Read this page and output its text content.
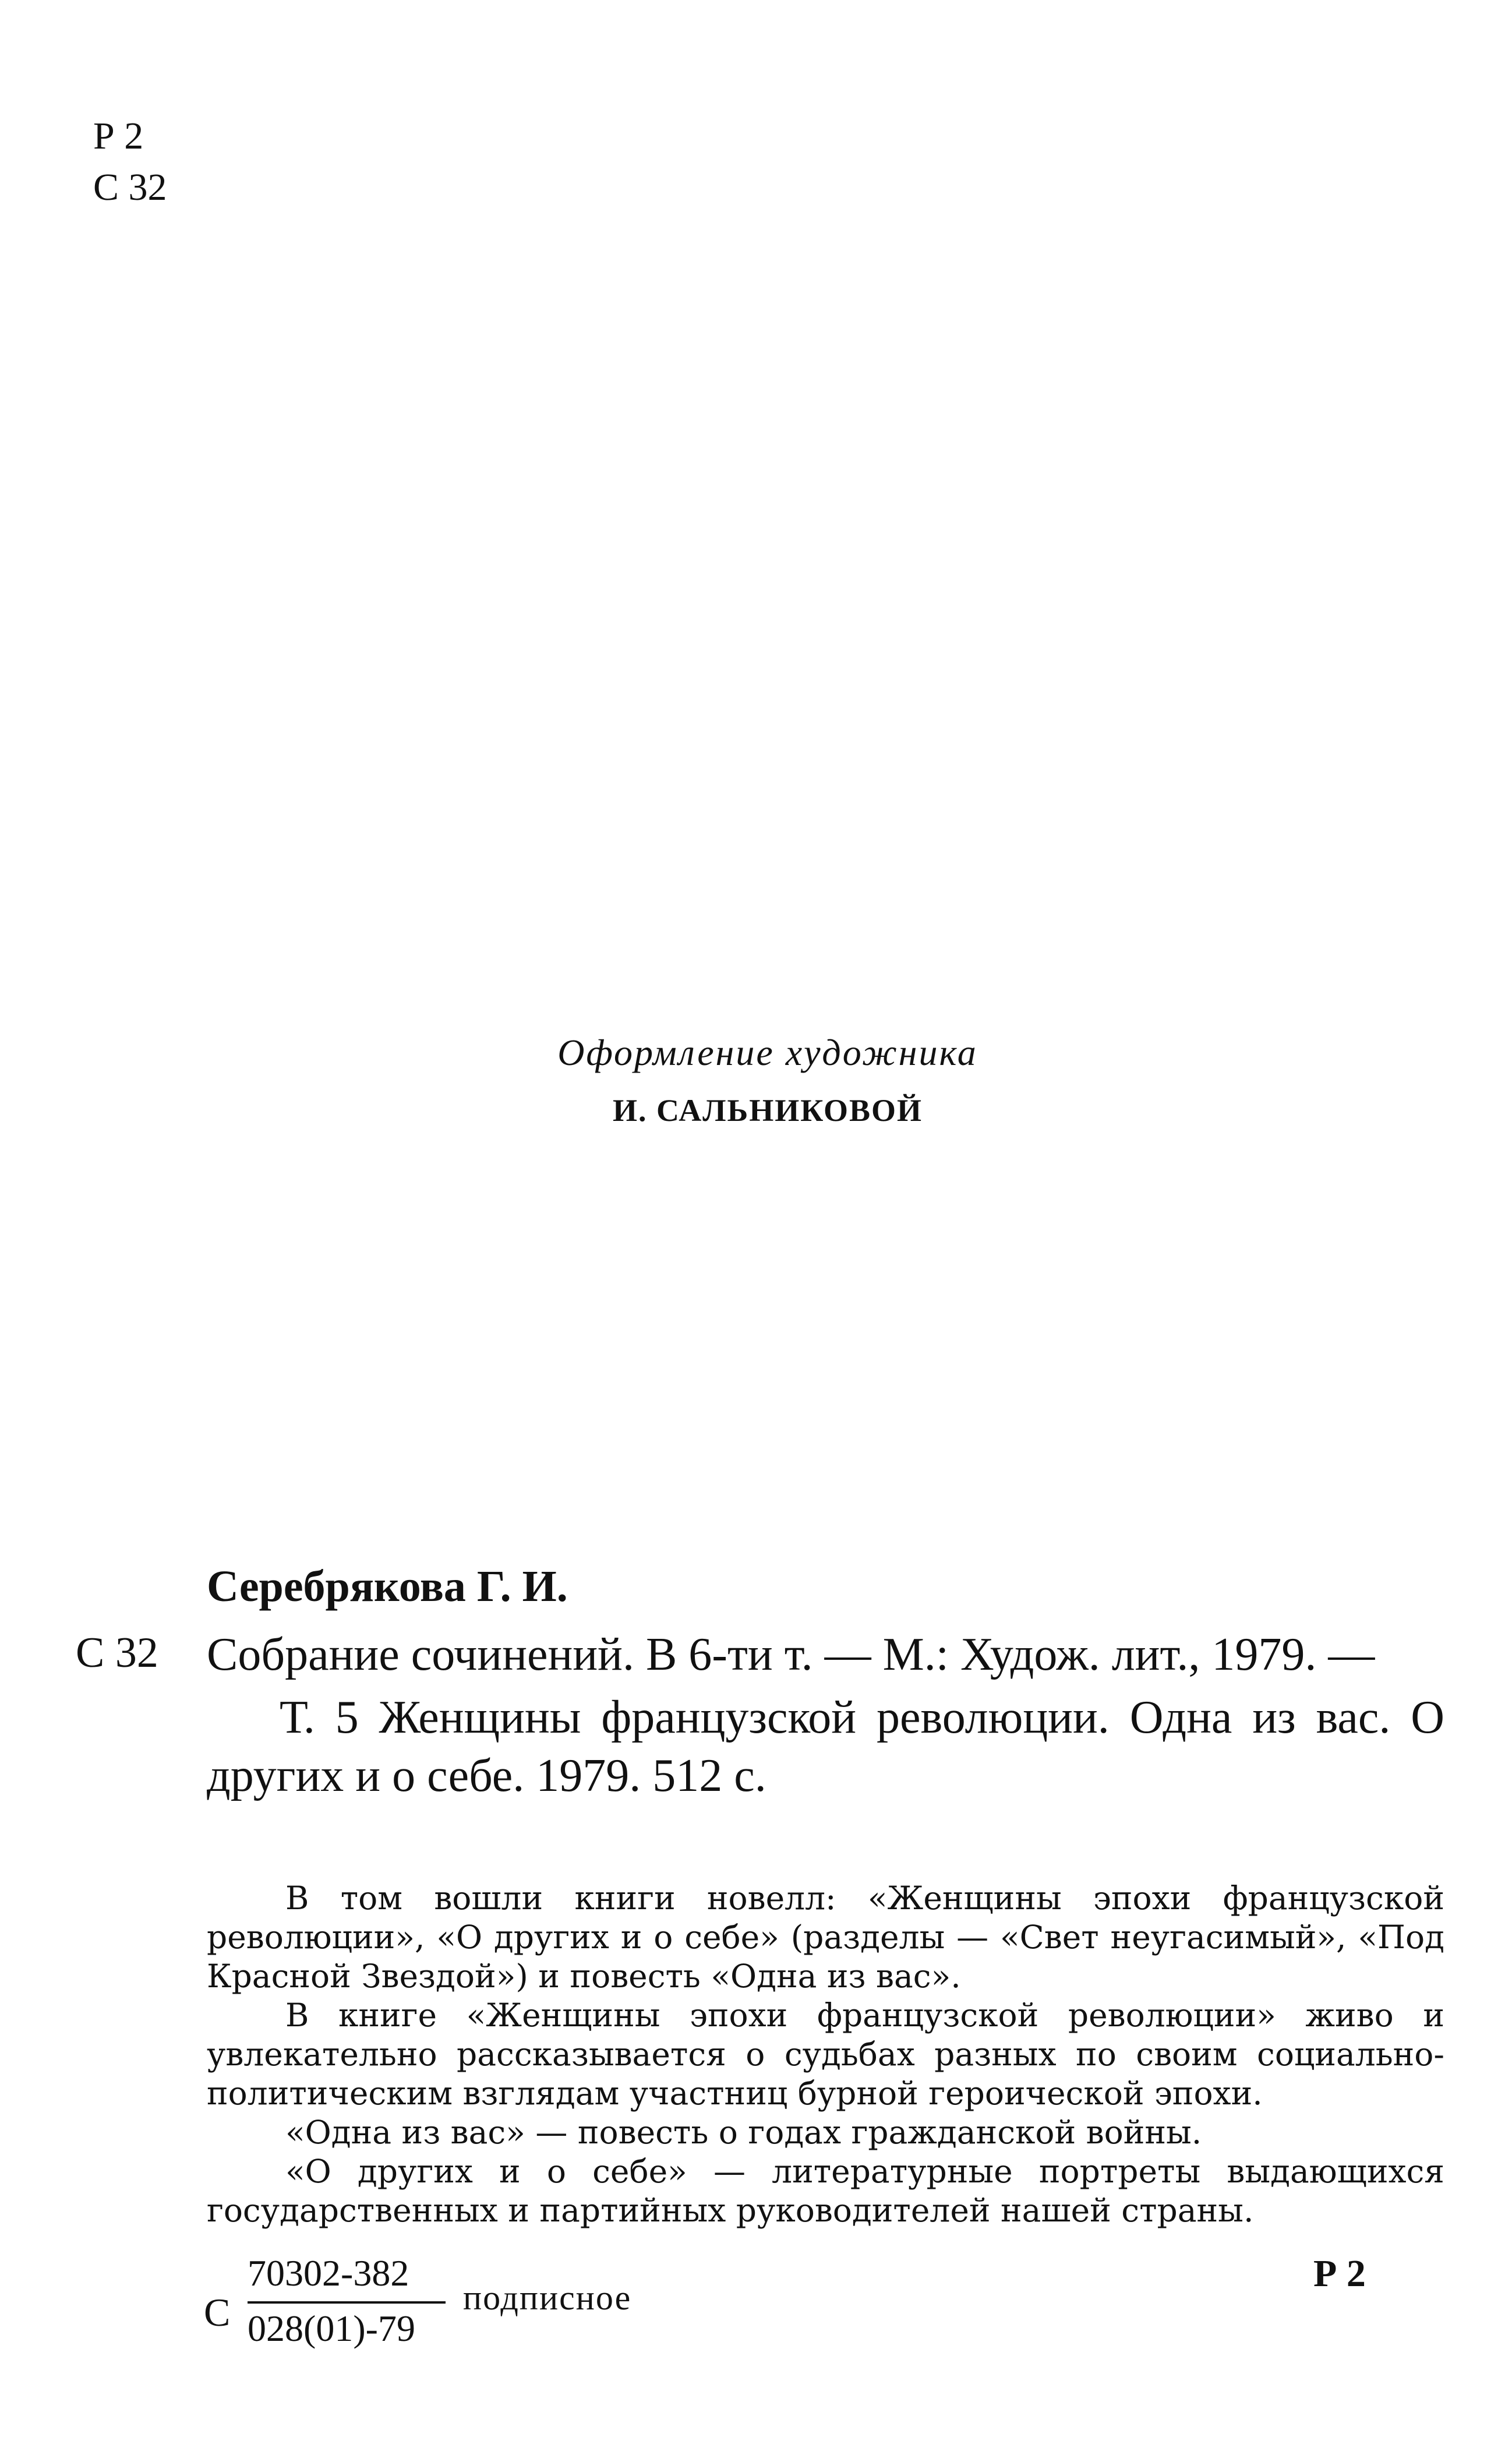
Р 2
С 32
Оформление художника
И. САЛЬНИКОВОЙ
Серебрякова Г. И.
С 32 Собрание сочинений. В 6-ти т. — М.: Худож. лит., 1979. —

Т. 5 Женщины французской революции. Одна из вас. О других и о себе. 1979. 512 с.

В том вошли книги новелл: «Женщины эпохи французской революции», «О других и о себе» (разделы — «Свет неугасимый», «Под Красной Звездой») и повесть «Одна из вас».

В книге «Женщины эпохи французской революции» живо и увлекательно рассказывается о судьбах разных по своим социально-политическим взглядам участниц бурной героической эпохи.

«Одна из вас» — повесть о годах гражданской войны.

«О других и о себе» — литературные портреты выдающихся государственных и партийных руководителей нашей страны.

С
70302-382
028(01)-79
подписное
Р 2
